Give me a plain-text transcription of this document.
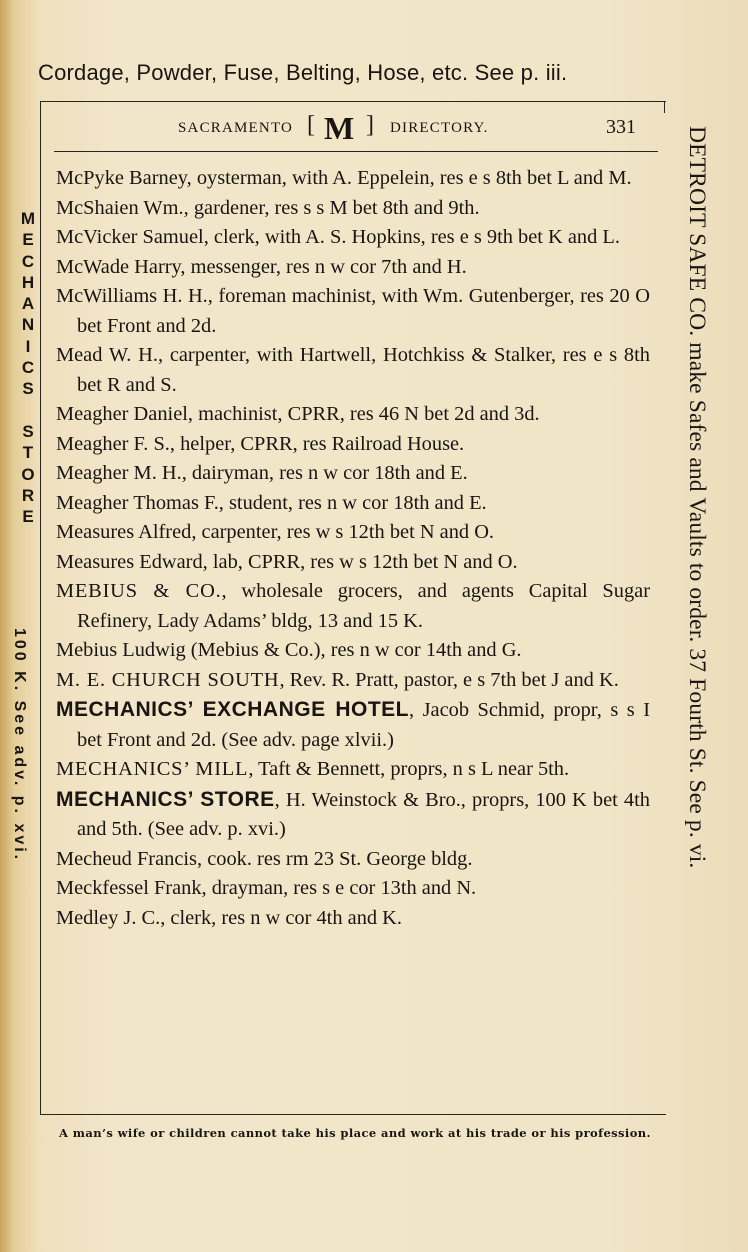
Cordage, Powder, Fuse, Belting, Hose, etc. See p. iii.
SACRAMENTO [ M ] DIRECTORY.	331

McPyke Barney, oysterman, with A. Eppelein, res e s 8th bet L and M.

McShaien Wm., gardener, res s s M bet 8th and 9th.

McVicker Samuel, clerk, with A. S. Hopkins, res e s 9th bet K and L.

McWade Harry, messenger, res n w cor 7th and H.

McWilliams H. H., foreman machinist, with Wm. Gutenberger, res 20 O bet Front and 2d.

Mead W. H., carpenter, with Hartwell, Hotchkiss & Stalker, res e s 8th bet R and S.

Meagher Daniel, machinist, CPRR, res 46 N bet 2d and 3d.

Meagher F. S., helper, CPRR, res Railroad House.

Meagher M. H., dairyman, res n w cor 18th and E.

Meagher Thomas F., student, res n w cor 18th and E.

Measures Alfred, carpenter, res w s 12th bet N and O.

Measures Edward, lab, CPRR, res w s 12th bet N and O.

MEBIUS & CO., wholesale grocers, and agents Capital Sugar Refinery, Lady Adams’ bldg, 13 and 15 K.

Mebius Ludwig (Mebius & Co.), res n w cor 14th and G.

M. E. CHURCH SOUTH, Rev. R. Pratt, pastor, e s 7th bet J and K.

MECHANICS’ EXCHANGE HOTEL, Jacob Schmid, propr, s s I bet Front and 2d. (See adv. page xlvii.)

MECHANICS’ MILL, Taft & Bennett, proprs, n s L near 5th.

MECHANICS’ STORE, H. Weinstock & Bro., proprs, 100 K bet 4th and 5th. (See adv. p. xvi.)

Mecheud Francis, cook. res rm 23 St. George bldg.

Meckfessel Frank, drayman, res s e cor 13th and N.

Medley J. C., clerk, res n w cor 4th and K.

A man’s wife or children cannot take his place and work at his trade or his profession.
M
E
C
H
A
N
I
C
S

S
T
O
R
E
100 K. See adv. p. xvi.	DETROIT SAFE CO. make Safes and Vaults to order. 37 Fourth St. See p. vi.
